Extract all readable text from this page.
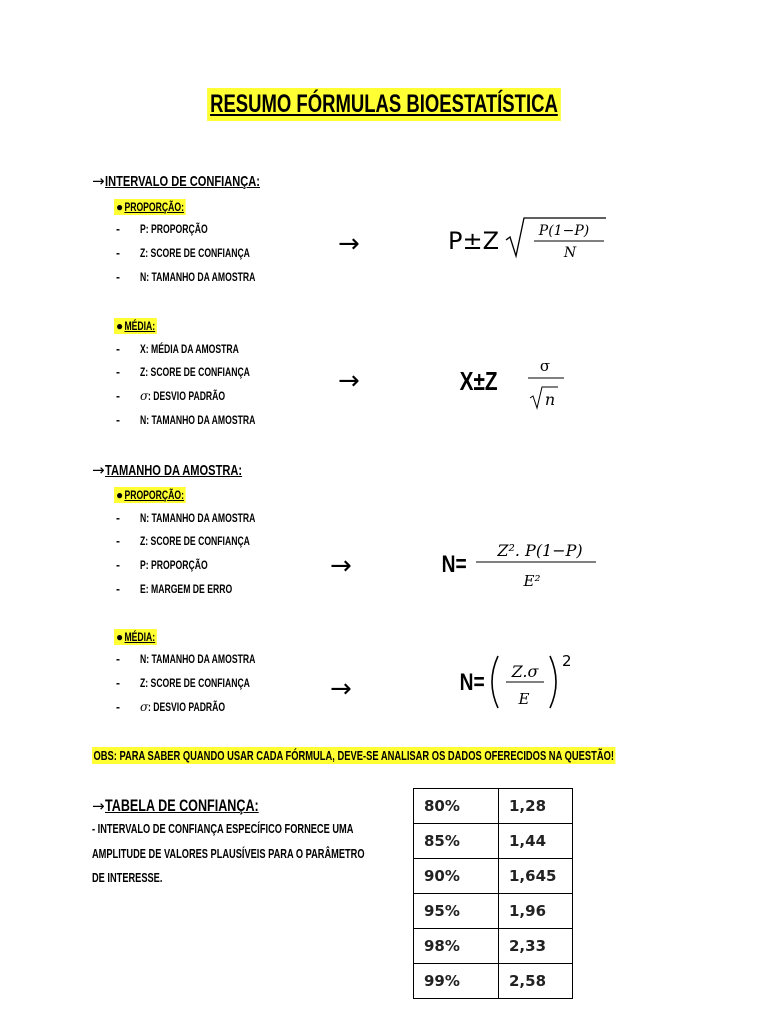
RESUMO FÓRMULAS BIOESTATÍSTICA
→INTERVALO DE CONFIANÇA:
●PROPORÇÃO:
- P: PROPORÇÃO
- Z: SCORE DE CONFIANÇA
- N: TAMANHO DA AMOSTRA
→	P±Z	P(1−P)
N
●MÉDIA:
- X: MÉDIA DA AMOSTRA
- Z: SCORE DE CONFIANÇA
- σ: DESVIO PADRÃO
- N: TAMANHO DA AMOSTRA
→	X±Z
σ
n
→TAMANHO DA AMOSTRA:
●PROPORÇÃO:
- N: TAMANHO DA AMOSTRA
- Z: SCORE DE CONFIANÇA
- P: PROPORÇÃO
- E: MARGEM DE ERRO
→	N= Z². P(1−P)
E²
●MÉDIA:
- N: TAMANHO DA AMOSTRA
- Z: SCORE DE CONFIANÇA
- σ: DESVIO PADRÃO
→	N= Z.σ
E
2
OBS: PARA SABER QUANDO USAR CADA FÓRMULA, DEVE-SE ANALISAR OS DADOS OFERECIDOS NA QUESTÃO!
→TABELA DE CONFIANÇA:
- INTERVALO DE CONFIANÇA ESPECÍFICO FORNECE UMA
AMPLITUDE DE VALORES PLAUSÍVEIS PARA O PARÂMETRO
DE INTERESSE.
80%	1,28
85%	1,44
90%	1,645
95%	1,96
98%	2,33
99%	2,58
